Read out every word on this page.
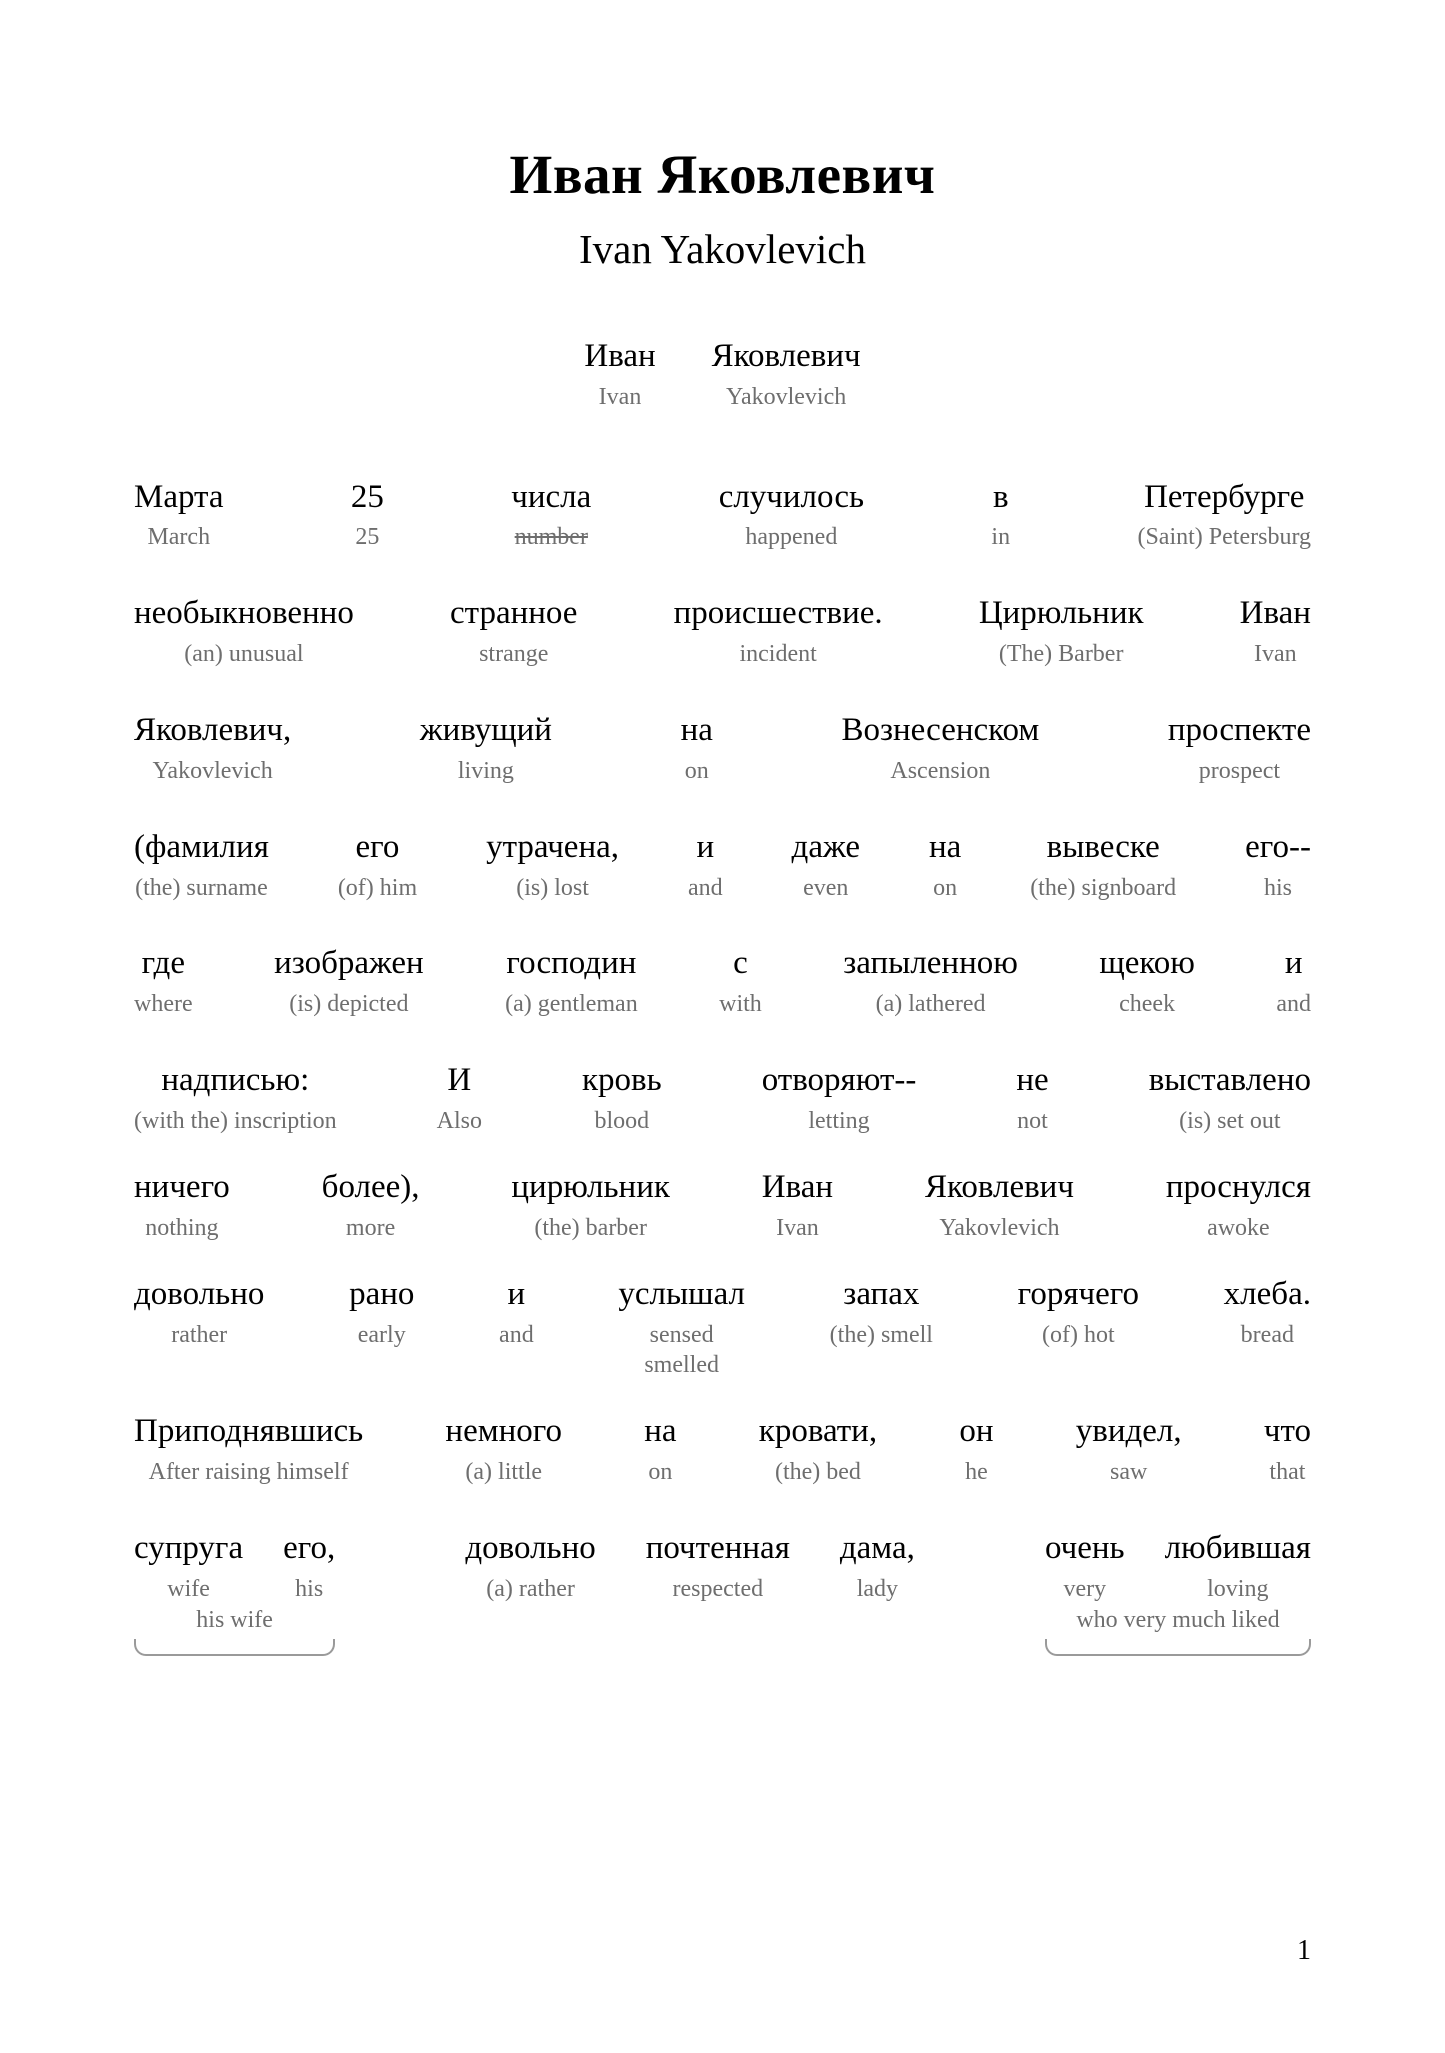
Иван Яковлевич
Ivan Yakovlevich
Иван
Ivan
Яковлевич
Yakovlevich
Марта
March
25
25
числа
number
случилось
happened
в
in
Петербурге
(Saint) Petersburg
необыкновенно
(an) unusual
странное
strange
происшествие.
incident
Цирюльник
(The) Barber
Иван
Ivan
Яковлевич,
Yakovlevich
живущий
living
на
on
Вознесенском
Ascension
проспекте
prospect
(фамилия
(the) surname
его
(of) him
утрачена,
(is) lost
и
and
даже
even
на
on
вывеске
(the) signboard
его--
his
где
where
изображен
(is) depicted
господин
(a) gentleman
с
with
запыленною
(a) lathered
щекою
cheek
и
and
надписью:
(with the) inscription
И
Also
кровь
blood
отворяют--
letting
не
not
выставлено
(is) set out
ничего
nothing
более),
more
цирюльник
(the) barber
Иван
Ivan
Яковлевич
Yakovlevich
проснулся
awoke
довольно
rather
рано
early
и
and
услышал
sensed
smelled
запах
(the) smell
горячего
(of) hot
хлеба.
bread
Приподнявшись
After raising himself
немного
(a) little
на
on
кровати,
(the) bed
он
he
увидел,
saw
что
that
супруга
wife
его,
his
his wife
довольно
(a) rather
почтенная
respected
дама,
lady
очень
very
любившая
loving
who very much liked
1
